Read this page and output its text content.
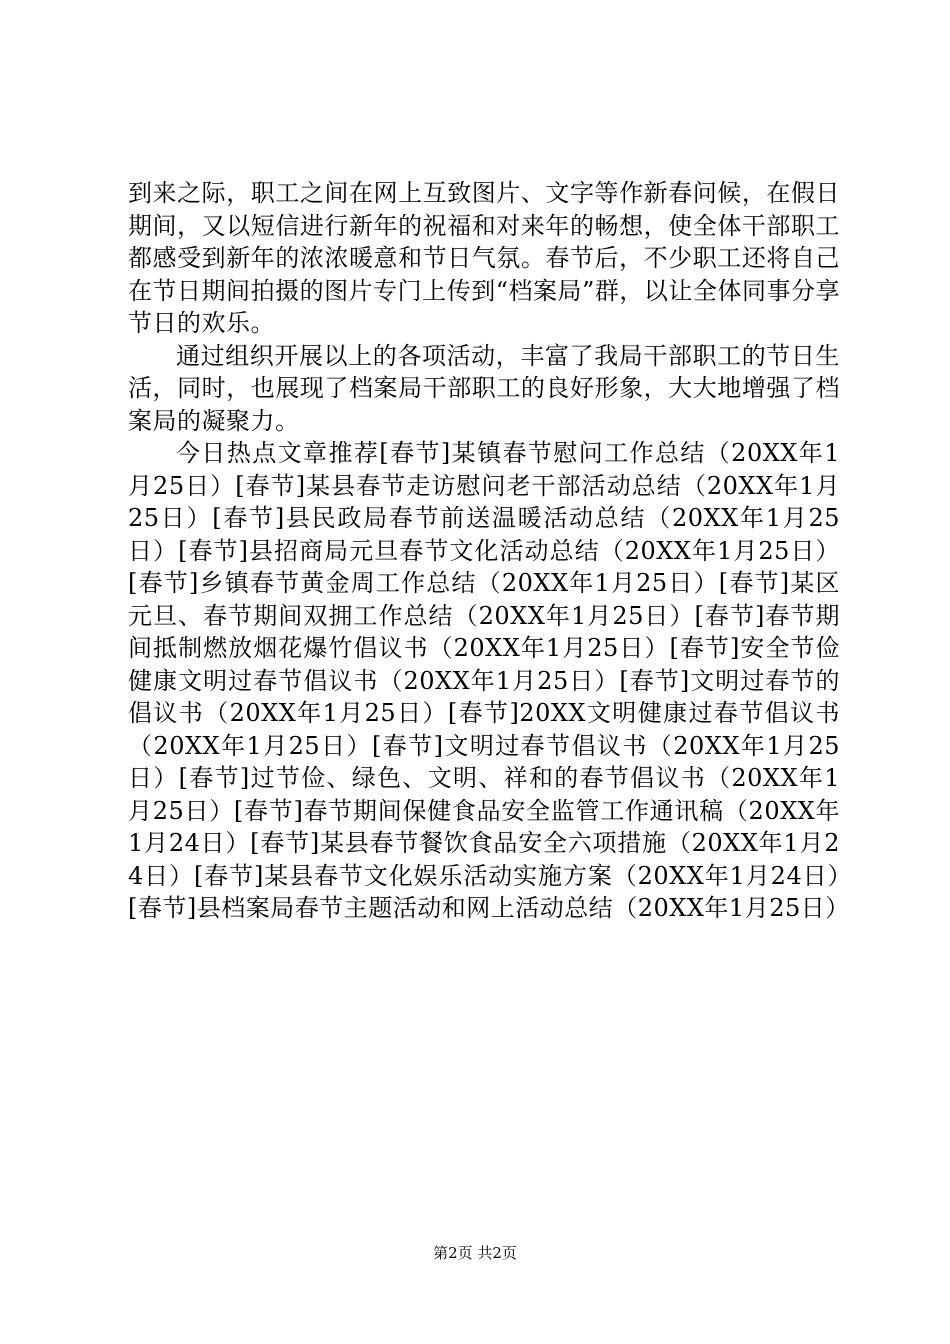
到来之际，职工之间在网上互致图片、文字等作新春问候，在假日期间，又以短信进行新年的祝福和对来年的畅想，使全体干部职工都感受到新年的浓浓暖意和节日气氛。春节后，不少职工还将自己在节日期间拍摄的图片专门上传到“档案局”群，以让全体同事分享节日的欢乐。

通过组织开展以上的各项活动，丰富了我局干部职工的节日生活，同时，也展现了档案局干部职工的良好形象，大大地增强了档案局的凝聚力。

今日热点文章推荐[春节]某镇春节慰问工作总结（20XX年1月25日）[春节]某县春节走访慰问老干部活动总结（20XX年1月25日）[春节]县民政局春节前送温暖活动总结（20XX年1月25日）[春节]县招商局元旦春节文化活动总结（20XX年1月25日）[春节]乡镇春节黄金周工作总结（20XX年1月25日）[春节]某区元旦、春节期间双拥工作总结（20XX年1月25日）[春节]春节期间抵制燃放烟花爆竹倡议书（20XX年1月25日）[春节]安全节俭健康文明过春节倡议书（20XX年1月25日）[春节]文明过春节的倡议书（20XX年1月25日）[春节]20XX文明健康过春节倡议书（20XX年1月25日）[春节]文明过春节倡议书（20XX年1月25日）[春节]过节俭、绿色、文明、祥和的春节倡议书（20XX年1月25日）[春节]春节期间保健食品安全监管工作通讯稿（20XX年1月24日）[春节]某县春节餐饮食品安全六项措施（20XX年1月24日）[春节]某县春节文化娱乐活动实施方案（20XX年1月24日）[春节]县档案局春节主题活动和网上活动总结（20XX年1月25日）

第2页 共2页
